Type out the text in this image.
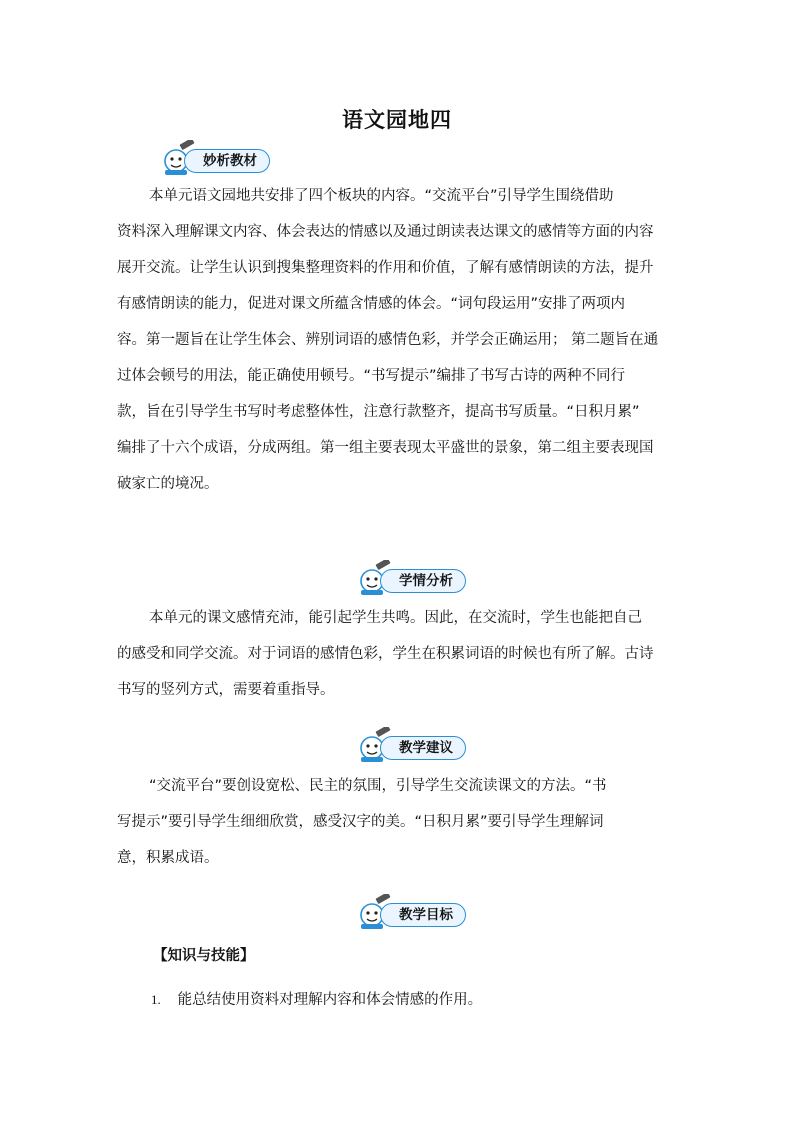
语文园地四
妙析教材
本单元语文园地共安排了四个板块的内容。“交流平台”引导学生围绕借助
资料深入理解课文内容、体会表达的情感以及通过朗读表达课文的感情等方面的内容
展开交流。让学生认识到搜集整理资料的作用和价值，了解有感情朗读的方法，提升
有感情朗读的能力，促进对课文所蕴含情感的体会。“词句段运用”安排了两项内
容。第一题旨在让学生体会、辨别词语的感情色彩，并学会正确运用； 第二题旨在通
过体会顿号的用法，能正确使用顿号。“书写提示”编排了书写古诗的两种不同行
款，旨在引导学生书写时考虑整体性，注意行款整齐，提高书写质量。“日积月累”
编排了十六个成语，分成两组。第一组主要表现太平盛世的景象，第二组主要表现国
破家亡的境况。
学情分析
本单元的课文感情充沛，能引起学生共鸣。因此，在交流时，学生也能把自己
的感受和同学交流。对于词语的感情色彩，学生在积累词语的时候也有所了解。古诗
书写的竖列方式，需要着重指导。
教学建议
“交流平台”要创设宽松、民主的氛围，引导学生交流读课文的方法。“书
写提示”要引导学生细细欣赏，感受汉字的美。“日积月累”要引导学生理解词
意，积累成语。
教学目标
【知识与技能】
1. 能总结使用资料对理解内容和体会情感的作用。
